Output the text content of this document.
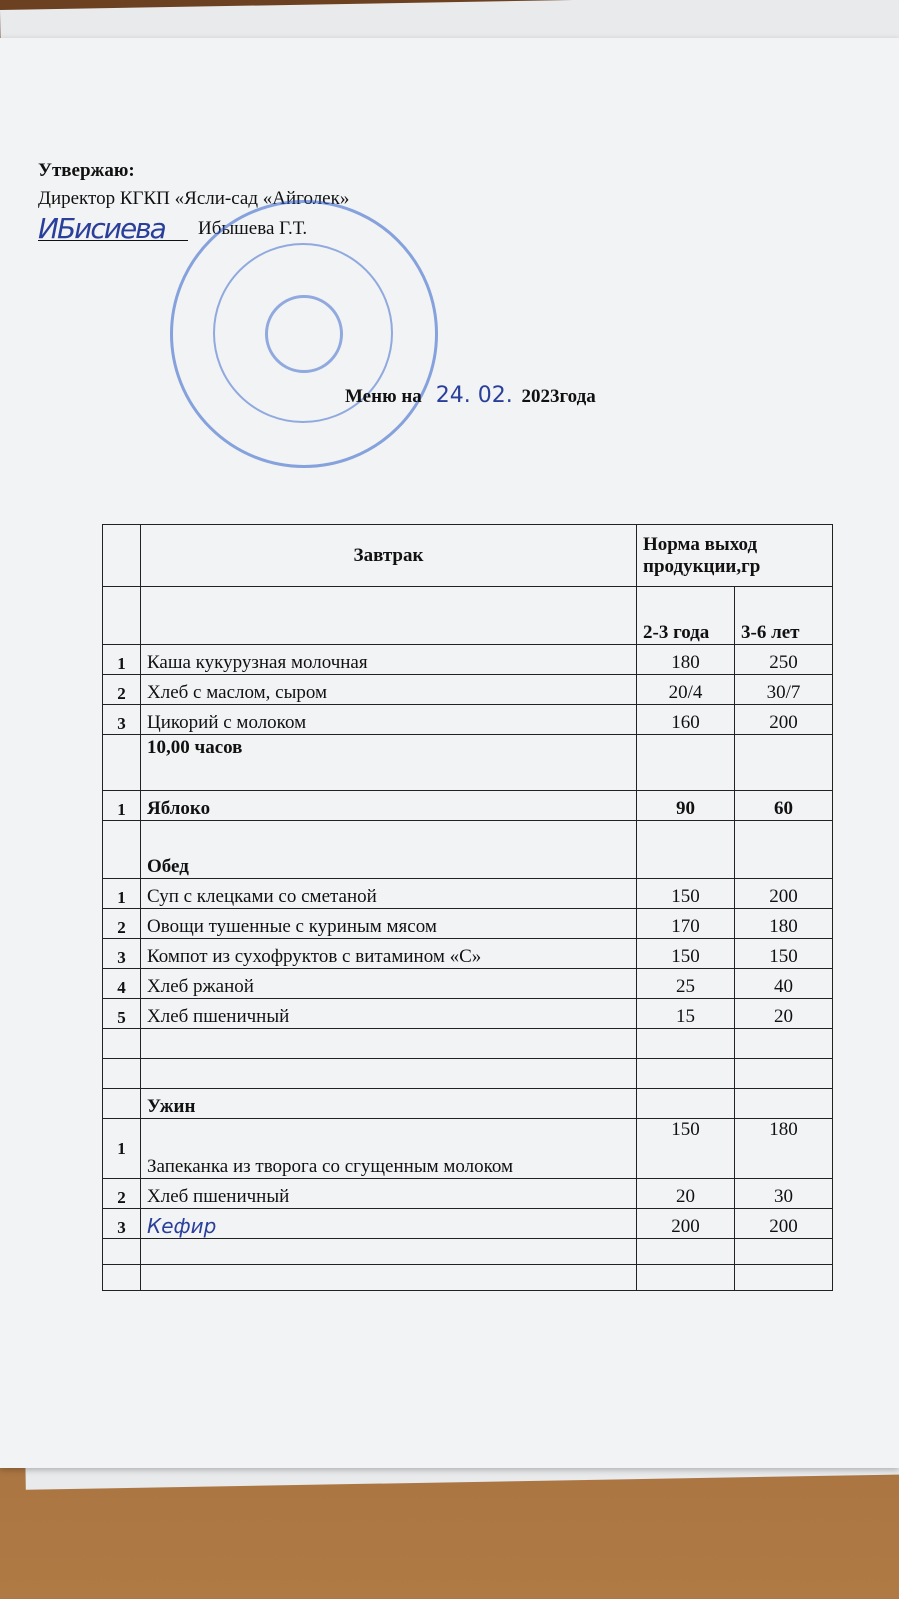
Утвержаю:
Директор КГКП «Ясли-сад «Айголек»
ИБисиева Ибышева Г.Т.
Меню на 24. 02. 2023года
	Завтрак	Норма выход продукции,гр	
		2-3 года	3-6 лет
1	Каша кукурузная молочная	180	250
2	Хлеб с маслом, сыром	20/4	30/7
3	Цикорий с молоком	160	200
	10,00 часов		
1	Яблоко	90	60
	Обед		
1	Суп с клецками со сметаной	150	200
2	Овощи тушенные с куриным мясом	170	180
3	Компот из сухофруктов с витамином «С»	150	150
4	Хлеб ржаной	25	40
5	Хлеб пшеничный	15	20

	Ужин		
1	Запеканка из творога со сгущенным молоком	150	180
2	Хлеб пшеничный	20	30
3	Кефир	200	200
